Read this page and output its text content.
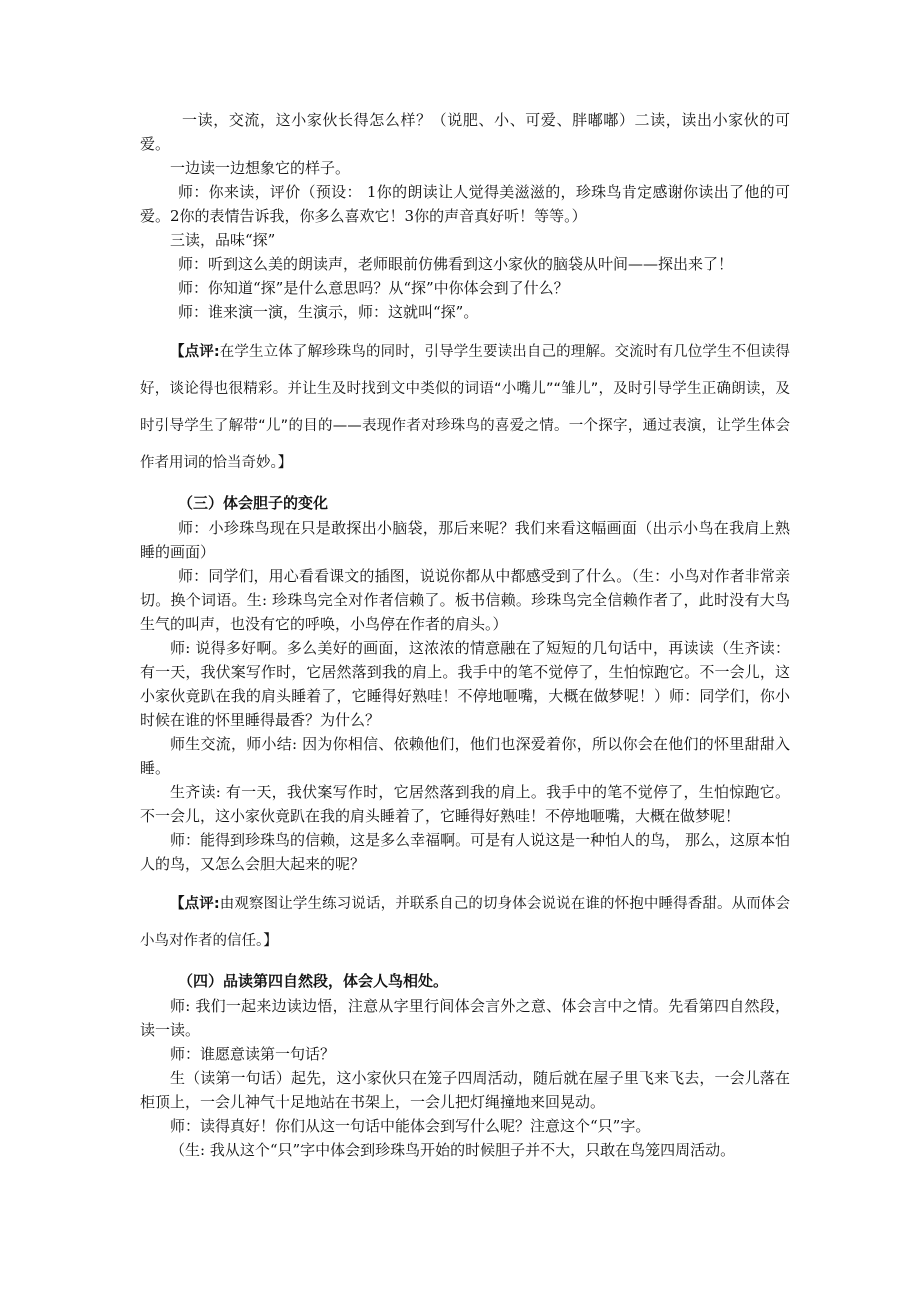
一读，交流，这小家伙长得怎么样？（说肥、小、可爱、胖嘟嘟）二读，读出小家伙的可爱。

一边读一边想象它的样子。

师：你来读，评价（预设： 1你的朗读让人觉得美滋滋的，珍珠鸟肯定感谢你读出了他的可爱。2你的表情告诉我，你多么喜欢它！3你的声音真好听！等等。）

三读，品味“探”

师：听到这么美的朗读声，老师眼前仿佛看到这小家伙的脑袋从叶间——探出来了！

师：你知道“探”是什么意思吗？从“探”中你体会到了什么？

师：谁来演一演，生演示，师：这就叫“探”。

【点评:在学生立体了解珍珠鸟的同时，引导学生要读出自己的理解。交流时有几位学生不但读得好，谈论得也很精彩。并让生及时找到文中类似的词语“小嘴儿”“雏儿”，及时引导学生正确朗读，及时引导学生了解带“儿”的目的——表现作者对珍珠鸟的喜爱之情。一个探字，通过表演，让学生体会作者用词的恰当奇妙。】

（三）体会胆子的变化

师：小珍珠鸟现在只是敢探出小脑袋，那后来呢？我们来看这幅画面（出示小鸟在我肩上熟睡的画面）

师：同学们，用心看看课文的插图，说说你都从中都感受到了什么。（生：小鸟对作者非常亲切。换个词语。生: 珍珠鸟完全对作者信赖了。板书信赖。珍珠鸟完全信赖作者了，此时没有大鸟生气的叫声，也没有它的呼唤，小鸟停在作者的肩头。）

师: 说得多好啊。多么美好的画面，这浓浓的情意融在了短短的几句话中，再读读（生齐读：有一天，我伏案写作时，它居然落到我的肩上。我手中的笔不觉停了，生怕惊跑它。不一会儿，这小家伙竟趴在我的肩头睡着了，它睡得好熟哇！不停地咂嘴，大概在做梦呢！）师：同学们，你小时候在谁的怀里睡得最香？为什么？

师生交流，师小结: 因为你相信、依赖他们，他们也深爱着你，所以你会在他们的怀里甜甜入睡。

生齐读: 有一天，我伏案写作时，它居然落到我的肩上。我手中的笔不觉停了，生怕惊跑它。不一会儿，这小家伙竟趴在我的肩头睡着了，它睡得好熟哇！不停地咂嘴，大概在做梦呢！

师：能得到珍珠鸟的信赖，这是多么幸福啊。可是有人说这是一种怕人的鸟， 那么，这原本怕人的鸟，又怎么会胆大起来的呢？

【点评:由观察图让学生练习说话，并联系自己的切身体会说说在谁的怀抱中睡得香甜。从而体会小鸟对作者的信任。】

（四）品读第四自然段，体会人鸟相处。

师: 我们一起来边读边悟，注意从字里行间体会言外之意、体会言中之情。先看第四自然段，读一读。

师：谁愿意读第一句话？

生（读第一句话）起先，这小家伙只在笼子四周活动，随后就在屋子里飞来飞去，一会儿落在柜顶上，一会儿神气十足地站在书架上，一会儿把灯绳撞地来回晃动。

师：读得真好！你们从这一句话中能体会到写什么呢？注意这个“只”字。

（生: 我从这个“只”字中体会到珍珠鸟开始的时候胆子并不大，只敢在鸟笼四周活动。
